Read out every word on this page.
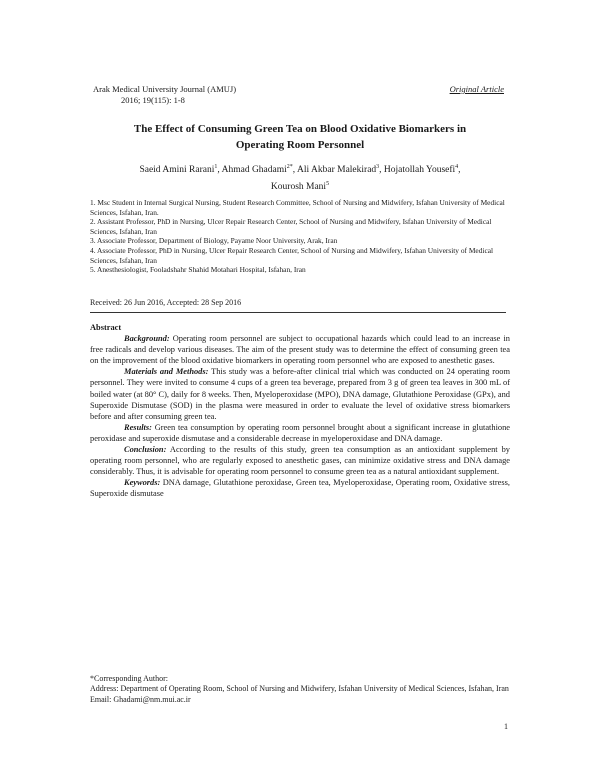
Arak Medical University Journal (AMUJ)
2016; 19(115): 1-8
Original Article
The Effect of Consuming Green Tea on Blood Oxidative Biomarkers in
Operating Room Personnel
Saeid Amini Rarani$^1$, Ahmad Ghadami$^{2*}$, Ali Akbar Malekirad$^3$, Hojatollah Yousefi$^4$,
Kourosh Mani$^5$
1. Msc Student in Internal Surgical Nursing, Student Research Committee, School of Nursing and Midwifery, Isfahan University of Medical Sciences, Isfahan, Iran.
2. Assistant Professor, PhD in Nursing, Ulcer Repair Research Center, School of Nursing and Midwifery, Isfahan University of Medical Sciences, Isfahan, Iran
3. Associate Professor, Department of Biology, Payame Noor University, Arak, Iran
4. Associate Professor, PhD in Nursing, Ulcer Repair Research Center, School of Nursing and Midwifery, Isfahan University of Medical Sciences, Isfahan, Iran
5. Anesthesiologist, Fooladshahr Shahid Motahari Hospital, Isfahan, Iran
Received: 26 Jun 2016, Accepted: 28 Sep 2016
Abstract

Background: Operating room personnel are subject to occupational hazards which could lead to an increase in free radicals and develop various diseases. The aim of the present study was to determine the effect of consuming green tea on the improvement of the blood oxidative biomarkers in operating room personnel who are exposed to anesthetic gases.

Materials and Methods: This study was a before-after clinical trial which was conducted on 24 operating room personnel. They were invited to consume 4 cups of a green tea beverage, prepared from 3 g of green tea leaves in 300 mL of boiled water (at 80° C), daily for 8 weeks. Then, Myeloperoxidase (MPO), DNA damage, Glutathione Peroxidase (GPx), and Superoxide Dismutase (SOD) in the plasma were measured in order to evaluate the level of oxidative stress biomarkers before and after consuming green tea.

Results: Green tea consumption by operating room personnel brought about a significant increase in glutathione peroxidase and superoxide dismutase and a considerable decrease in myeloperoxidase and DNA damage.

Conclusion: According to the results of this study, green tea consumption as an antioxidant supplement by operating room personnel, who are regularly exposed to anesthetic gases, can minimize oxidative stress and DNA damage considerably. Thus, it is advisable for operating room personnel to consume green tea as a natural antioxidant supplement.

Keywords: DNA damage, Glutathione peroxidase, Green tea, Myeloperoxidase, Operating room, Oxidative stress, Superoxide dismutase

*Corresponding Author:
Address: Department of Operating Room, School of Nursing and Midwifery, Isfahan University of Medical Sciences, Isfahan, Iran
Email: Ghadami@nm.mui.ac.ir
1
